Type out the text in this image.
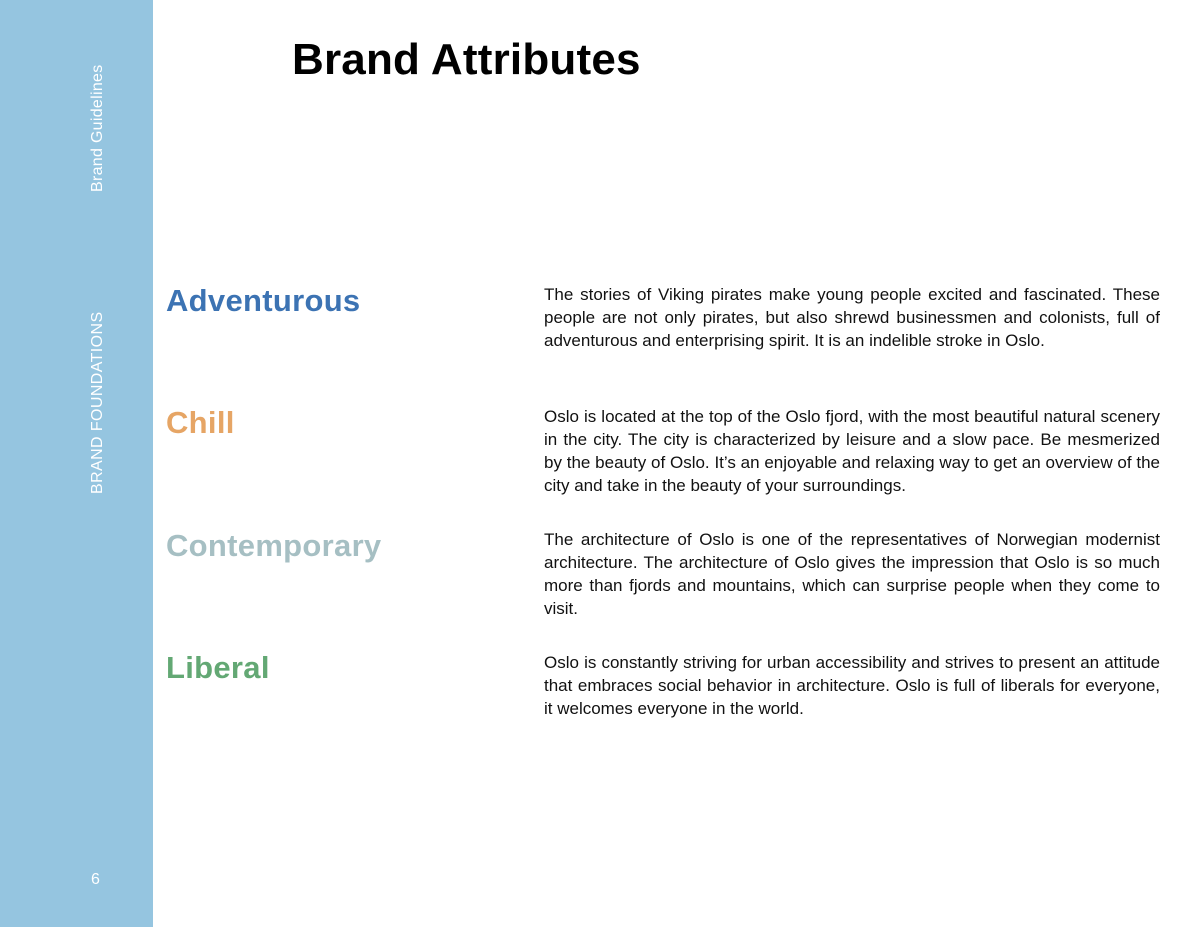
Brand Guidelines
BRAND FOUNDATIONS
6
Brand Attributes
Adventurous	The stories of Viking pirates make young people excited and fascinated. These people are not only pirates, but also shrewd businessmen and colonists, full of adventurous and enterprising spirit. It is an indelible stroke in Oslo.

Chill	Oslo is located at the top of the Oslo fjord, with the most beautiful natural scenery in the city. The city is characterized by leisure and a slow pace. Be mesmerized by the beauty of Oslo. It’s an enjoyable and relaxing way to get an overview of the city and take in the beauty of your surroundings.

Contemporary	The architecture of Oslo is one of the representatives of Norwegian modernist architecture. The architecture of Oslo gives the impression that Oslo is so much more than fjords and mountains, which can surprise people when they come to visit.

Liberal	Oslo is constantly striving for urban accessibility and strives to present an attitude that embraces social behavior in architecture. Oslo is full of liberals for everyone, it welcomes everyone in the world.
